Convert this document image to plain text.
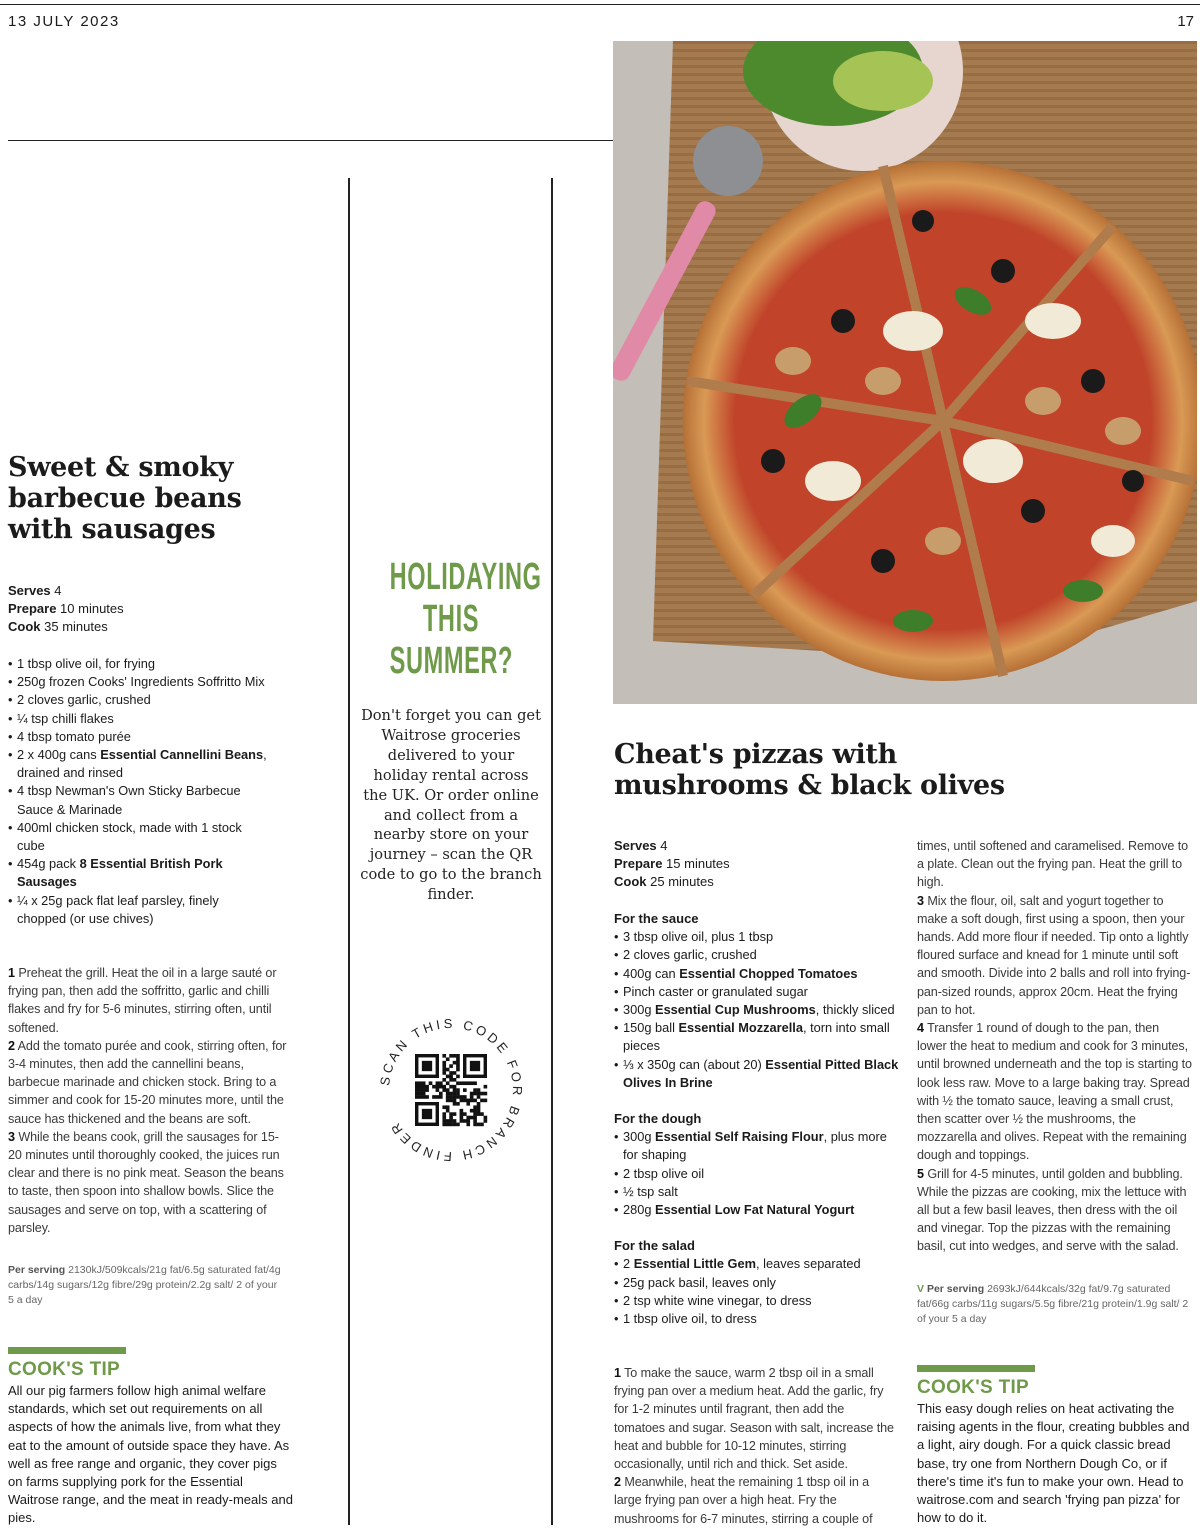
13 JULY 2023	17
Sweet & smoky
barbecue beans
with sausages
Serves 4
Prepare 10 minutes
Cook 35 minutes
• 1 tbsp olive oil, for frying
• 250g frozen Cooks' Ingredients Soffritto Mix
• 2 cloves garlic, crushed
• ¼ tsp chilli flakes
• 4 tbsp tomato purée
• 2 x 400g cans Essential Cannellini Beans, drained and rinsed
• 4 tbsp Newman's Own Sticky Barbecue Sauce & Marinade
• 400ml chicken stock, made with 1 stock cube
• 454g pack 8 Essential British Pork Sausages
• ¼ x 25g pack flat leaf parsley, finely chopped (or use chives)

1 Preheat the grill. Heat the oil in a large sauté or frying pan, then add the soffritto, garlic and chilli flakes and fry for 5-6 minutes, stirring often, until softened.

2 Add the tomato purée and cook, stirring often, for 3-4 minutes, then add the cannellini beans, barbecue marinade and chicken stock. Bring to a simmer and cook for 15-20 minutes more, until the sauce has thickened and the beans are soft.

3 While the beans cook, grill the sausages for 15-20 minutes until thoroughly cooked, the juices run clear and there is no pink meat. Season the beans to taste, then spoon into shallow bowls. Slice the sausages and serve on top, with a scattering of parsley.

Per serving 2130kJ/509kcals/21g fat/6.5g saturated fat/4g carbs/14g sugars/12g fibre/29g protein/2.2g salt/ 2 of your 5 a day
COOK'S TIP
All our pig farmers follow high animal welfare standards, which set out requirements on all aspects of how the animals live, from what they eat to the amount of outside space they have. As well as free range and organic, they cover pigs on farms supplying pork for the Essential Waitrose range, and the meat in ready-meals and pies.
HOLIDAYING
THIS
SUMMER?
Don't forget you can get Waitrose groceries delivered to your holiday rental across the UK. Or order online and collect from a nearby store on your journey – scan the QR code to go to the branch finder.
SCAN THIS CODE FOR BRANCH FINDER
Cheat's pizzas with
mushrooms & black olives
Serves 4
Prepare 15 minutes
Cook 25 minutes
For the sauce
• 3 tbsp olive oil, plus 1 tbsp
• 2 cloves garlic, crushed
• 400g can Essential Chopped Tomatoes
• Pinch caster or granulated sugar
• 300g Essential Cup Mushrooms, thickly sliced
• 150g ball Essential Mozzarella, torn into small pieces
• ⅓ x 350g can (about 20) Essential Pitted Black Olives In Brine
For the dough
• 300g Essential Self Raising Flour, plus more for shaping
• 2 tbsp olive oil
• ½ tsp salt
• 280g Essential Low Fat Natural Yogurt
For the salad
• 2 Essential Little Gem, leaves separated
• 25g pack basil, leaves only
• 2 tsp white wine vinegar, to dress
• 1 tbsp olive oil, to dress

1 To make the sauce, warm 2 tbsp oil in a small frying pan over a medium heat. Add the garlic, fry for 1-2 minutes until fragrant, then add the tomatoes and sugar. Season with salt, increase the heat and bubble for 10-12 minutes, stirring occasionally, until rich and thick. Set aside.

2 Meanwhile, heat the remaining 1 tbsp oil in a large frying pan over a high heat. Fry the mushrooms for 6-7 minutes, stirring a couple of

times, until softened and caramelised. Remove to a plate. Clean out the frying pan. Heat the grill to high.

3 Mix the flour, oil, salt and yogurt together to make a soft dough, first using a spoon, then your hands. Add more flour if needed. Tip onto a lightly floured surface and knead for 1 minute until soft and smooth. Divide into 2 balls and roll into frying-pan-sized rounds, approx 20cm. Heat the frying pan to hot.

4 Transfer 1 round of dough to the pan, then lower the heat to medium and cook for 3 minutes, until browned underneath and the top is starting to look less raw. Move to a large baking tray. Spread with ½ the tomato sauce, leaving a small crust, then scatter over ½ the mushrooms, the mozzarella and olives. Repeat with the remaining dough and toppings.

5 Grill for 4-5 minutes, until golden and bubbling. While the pizzas are cooking, mix the lettuce with all but a few basil leaves, then dress with the oil and vinegar. Top the pizzas with the remaining basil, cut into wedges, and serve with the salad.

V Per serving 2693kJ/644kcals/32g fat/9.7g saturated fat/66g carbs/11g sugars/5.5g fibre/21g protein/1.9g salt/ 2 of your 5 a day
COOK'S TIP
This easy dough relies on heat activating the raising agents in the flour, creating bubbles and a light, airy dough. For a quick classic bread base, try one from Northern Dough Co, or if there's time it's fun to make your own. Head to waitrose.com and search 'frying pan pizza' for how to do it.
